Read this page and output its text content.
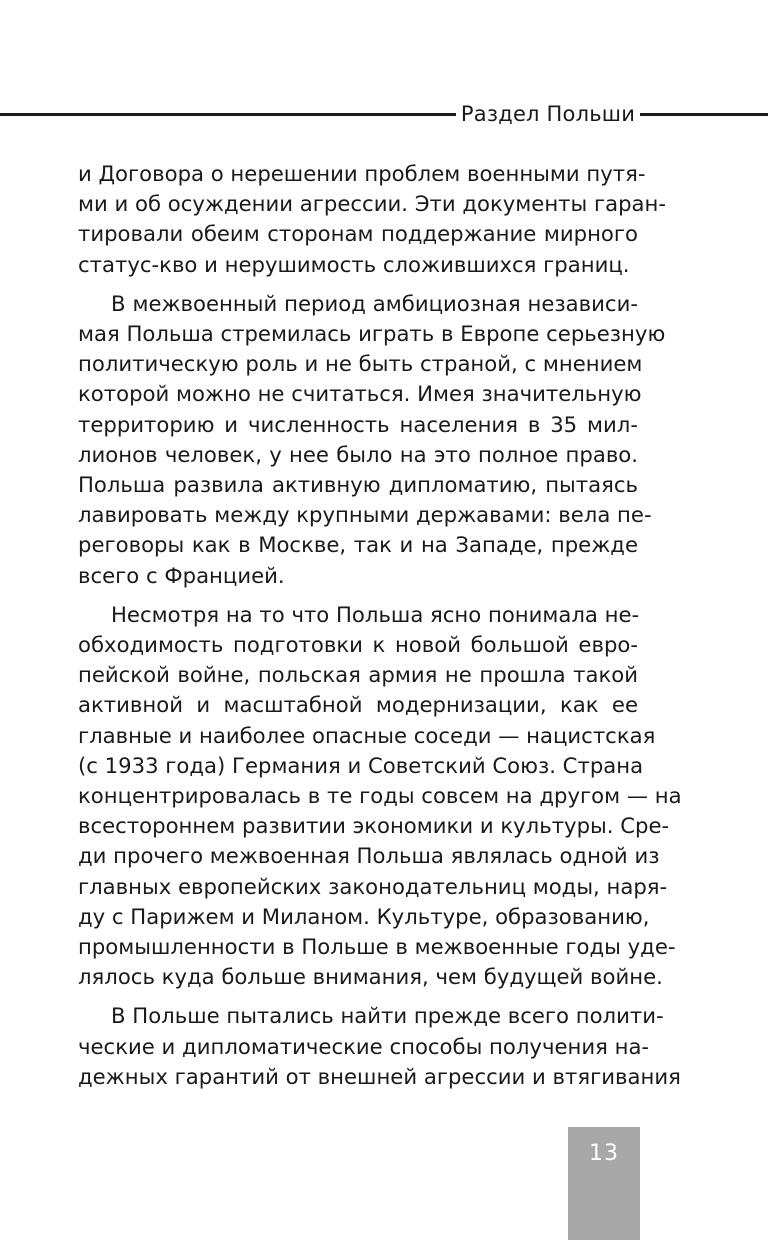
Раздел Польши

и Договора о нерешении проблем военными путя-
ми и об осуждении агрессии. Эти документы гаран-
тировали обеим сторонам поддержание мирного
статус-кво и нерушимость сложившихся границ.

В межвоенный период амбициозная независи-
мая Польша стремилась играть в Европе серьезную
политическую роль и не быть страной, с мнением
которой можно не считаться. Имея значительную
территорию и численность населения в 35 мил-
лионов человек, у нее было на это полное право.
Польша развила активную дипломатию, пытаясь
лавировать между крупными державами: вела пе-
реговоры как в Москве, так и на Западе, прежде
всего с Францией.

Несмотря на то что Польша ясно понимала не-
обходимость подготовки к новой большой евро-
пейской войне, польская армия не прошла такой
активной и масштабной модернизации, как ее
главные и наиболее опасные соседи — нацистская
(с 1933 года) Германия и Советский Союз. Страна
концентрировалась в те годы совсем на другом — на
всестороннем развитии экономики и культуры. Сре-
ди прочего межвоенная Польша являлась одной из
главных европейских законодательниц моды, наря-
ду с Парижем и Миланом. Культуре, образованию,
промышленности в Польше в межвоенные годы уде-
лялось куда больше внимания, чем будущей войне.

В Польше пытались найти прежде всего полити-
ческие и дипломатические способы получения на-
дежных гарантий от внешней агрессии и втягивания

13
